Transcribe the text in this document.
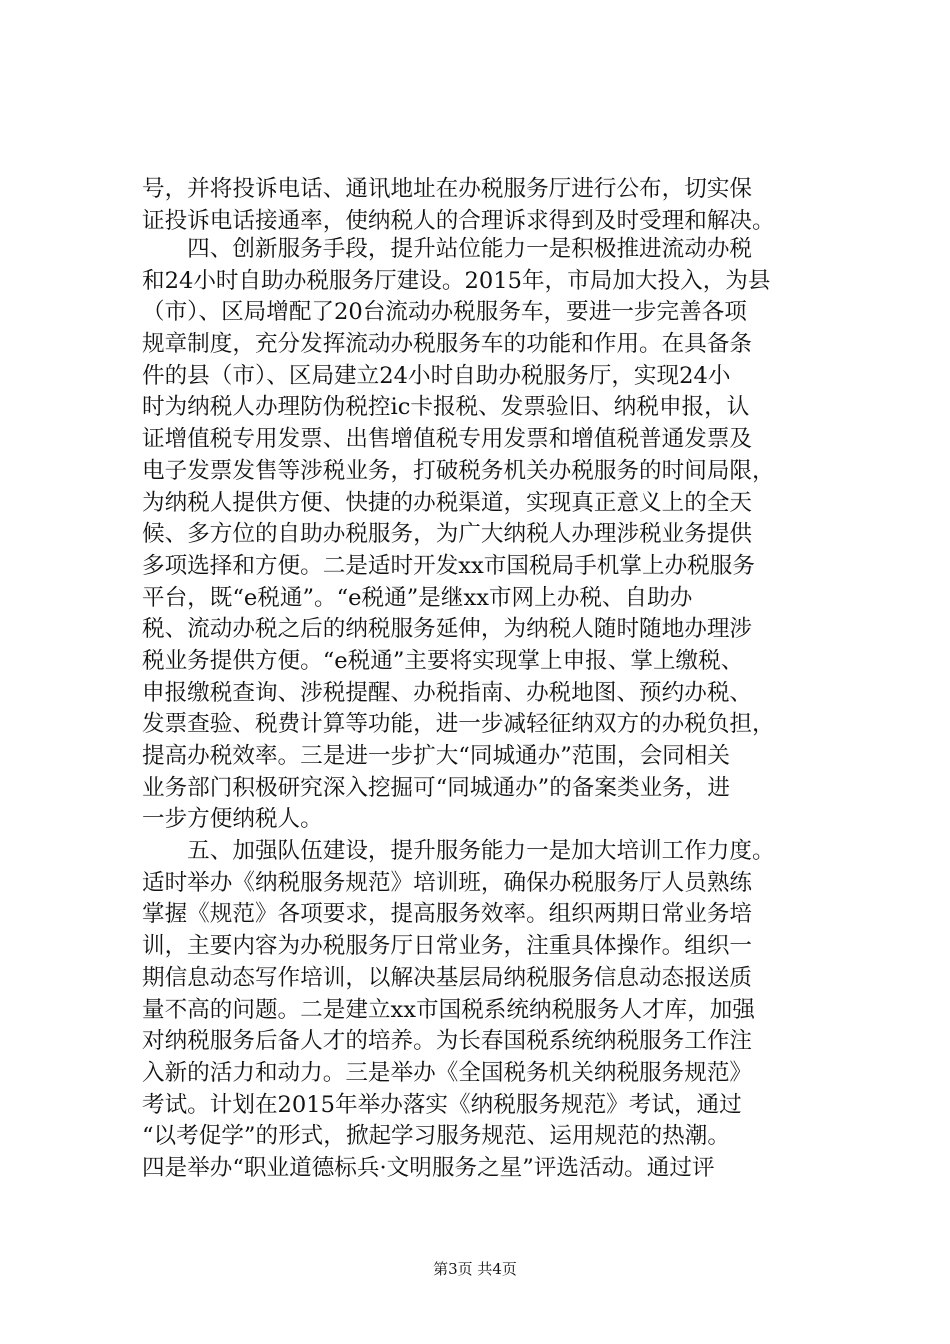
号，并将投诉电话、通讯地址在办税服务厅进行公布，切实保
证投诉电话接通率，使纳税人的合理诉求得到及时受理和解决。
　　四、创新服务手段，提升站位能力一是积极推进流动办税
和24小时自助办税服务厅建设。2015年，市局加大投入，为县
（市）、区局增配了20台流动办税服务车，要进一步完善各项
规章制度，充分发挥流动办税服务车的功能和作用。在具备条
件的县（市）、区局建立24小时自助办税服务厅，实现24小
时为纳税人办理防伪税控ic卡报税、发票验旧、纳税申报，认
证增值税专用发票、出售增值税专用发票和增值税普通发票及
电子发票发售等涉税业务，打破税务机关办税服务的时间局限，
为纳税人提供方便、快捷的办税渠道，实现真正意义上的全天
候、多方位的自助办税服务，为广大纳税人办理涉税业务提供
多项选择和方便。二是适时开发xx市国税局手机掌上办税服务
平台，既“e税通”。“e税通”是继xx市网上办税、自助办
税、流动办税之后的纳税服务延伸，为纳税人随时随地办理涉
税业务提供方便。“e税通”主要将实现掌上申报、掌上缴税、
申报缴税查询、涉税提醒、办税指南、办税地图、预约办税、
发票查验、税费计算等功能，进一步减轻征纳双方的办税负担，
提高办税效率。三是进一步扩大“同城通办”范围，会同相关
业务部门积极研究深入挖掘可“同城通办”的备案类业务，进
一步方便纳税人。
　　五、加强队伍建设，提升服务能力一是加大培训工作力度。
适时举办《纳税服务规范》培训班，确保办税服务厅人员熟练
掌握《规范》各项要求，提高服务效率。组织两期日常业务培
训，主要内容为办税服务厅日常业务，注重具体操作。组织一
期信息动态写作培训，以解决基层局纳税服务信息动态报送质
量不高的问题。二是建立xx市国税系统纳税服务人才库，加强
对纳税服务后备人才的培养。为长春国税系统纳税服务工作注
入新的活力和动力。三是举办《全国税务机关纳税服务规范》
考试。计划在2015年举办落实《纳税服务规范》考试，通过
“以考促学”的形式，掀起学习服务规范、运用规范的热潮。
四是举办“职业道德标兵·文明服务之星”评选活动。通过评
第3页 共4页
